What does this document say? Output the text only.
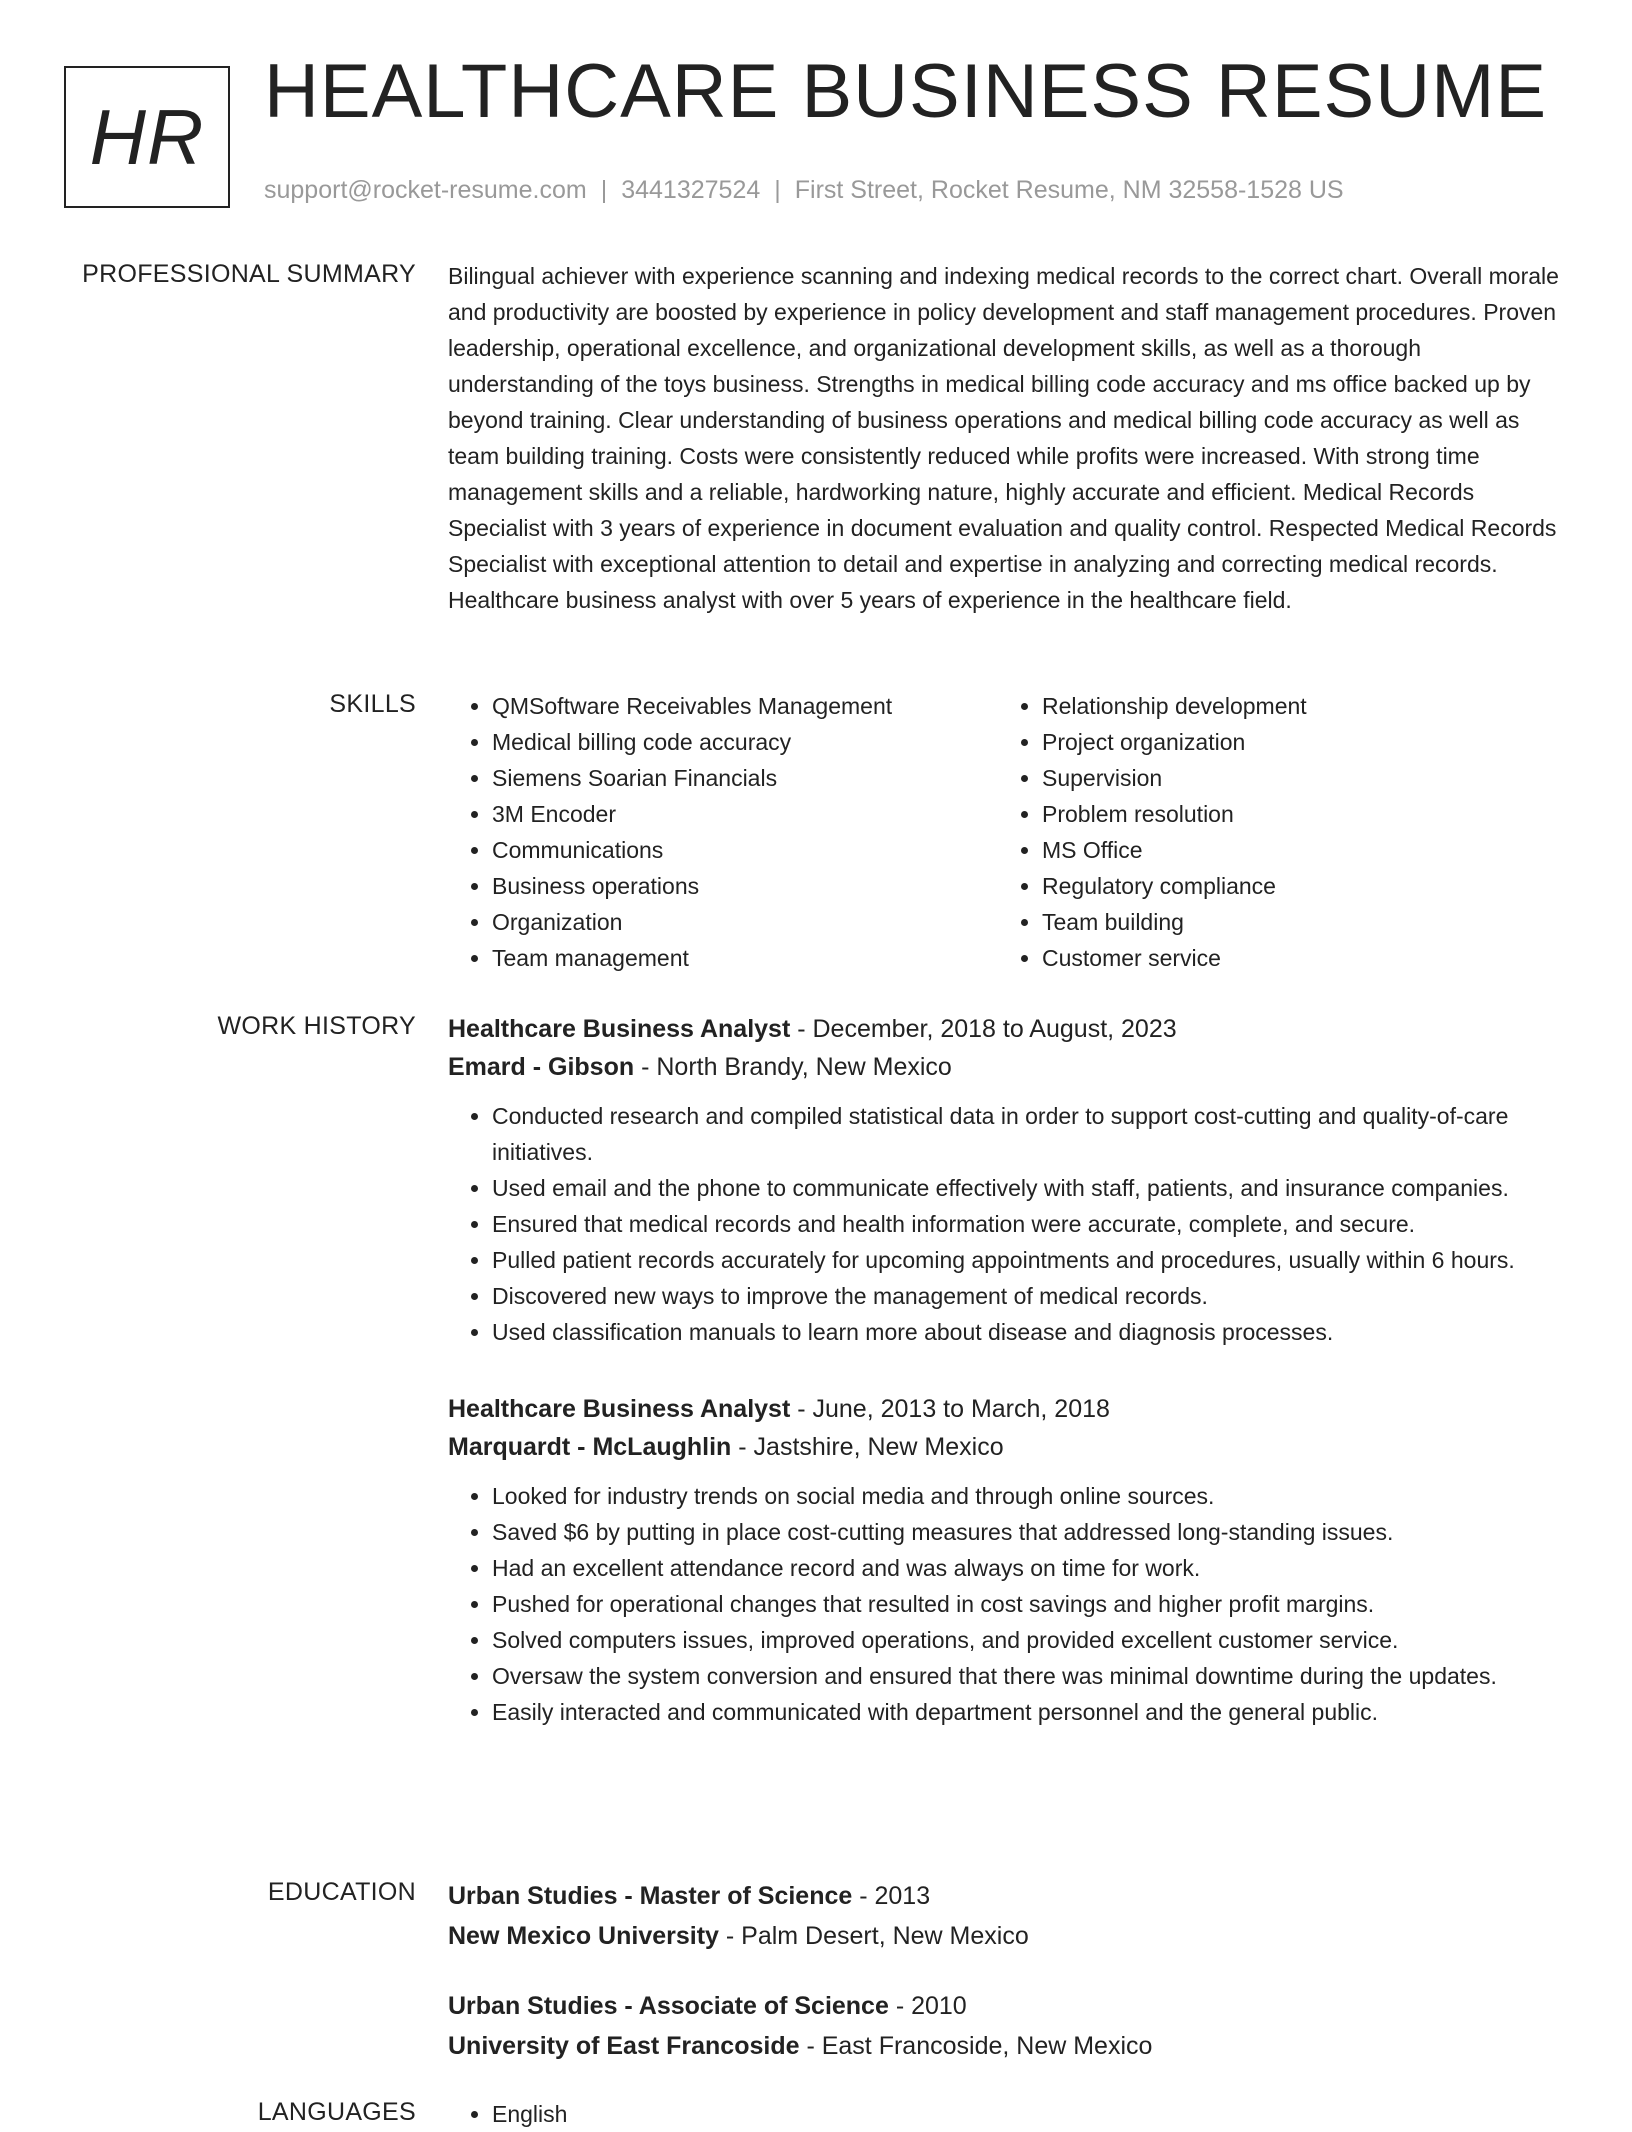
HR
HEALTHCARE BUSINESS RESUME
support@rocket-resume.com | 3441327524 | First Street, Rocket Resume, NM 32558-1528 US
PROFESSIONAL SUMMARY Bilingual achiever with experience scanning and indexing medical records to the correct chart. Overall morale and productivity are boosted by experience in policy development and staff management procedures. Proven leadership, operational excellence, and organizational development skills, as well as a thorough understanding of the toys business. Strengths in medical billing code accuracy and ms office backed up by beyond training. Clear understanding of business operations and medical billing code accuracy as well as team building training. Costs were consistently reduced while profits were increased. With strong time management skills and a reliable, hardworking nature, highly accurate and efficient. Medical Records Specialist with 3 years of experience in document evaluation and quality control. Respected Medical Records Specialist with exceptional attention to detail and expertise in analyzing and correcting medical records. Healthcare business analyst with over 5 years of experience in the healthcare field.
SKILLS	• QMSoftware Receivables Management
• Medical billing code accuracy
• Siemens Soarian Financials
• 3M Encoder
• Communications
• Business operations
• Organization
• Team management
• Relationship development
• Project organization
• Supervision
• Problem resolution
• MS Office
• Regulatory compliance
• Team building
• Customer service
WORK HISTORY Healthcare Business Analyst - December, 2018 to August, 2023
Emard - Gibson - North Brandy, New Mexico
• Conducted research and compiled statistical data in order to support cost-cutting and quality-of-care initiatives.
• Used email and the phone to communicate effectively with staff, patients, and insurance companies.
• Ensured that medical records and health information were accurate, complete, and secure.
• Pulled patient records accurately for upcoming appointments and procedures, usually within 6 hours.
• Discovered new ways to improve the management of medical records.
• Used classification manuals to learn more about disease and diagnosis processes.
Healthcare Business Analyst - June, 2013 to March, 2018
Marquardt - McLaughlin - Jastshire, New Mexico
• Looked for industry trends on social media and through online sources.
• Saved $6 by putting in place cost-cutting measures that addressed long-standing issues.
• Had an excellent attendance record and was always on time for work.
• Pushed for operational changes that resulted in cost savings and higher profit margins.
• Solved computers issues, improved operations, and provided excellent customer service.
• Oversaw the system conversion and ensured that there was minimal downtime during the updates.
• Easily interacted and communicated with department personnel and the general public.
EDUCATION Urban Studies - Master of Science - 2013
New Mexico University - Palm Desert, New Mexico
Urban Studies - Associate of Science - 2010
University of East Francoside - East Francoside, New Mexico
LANGUAGES	• English
